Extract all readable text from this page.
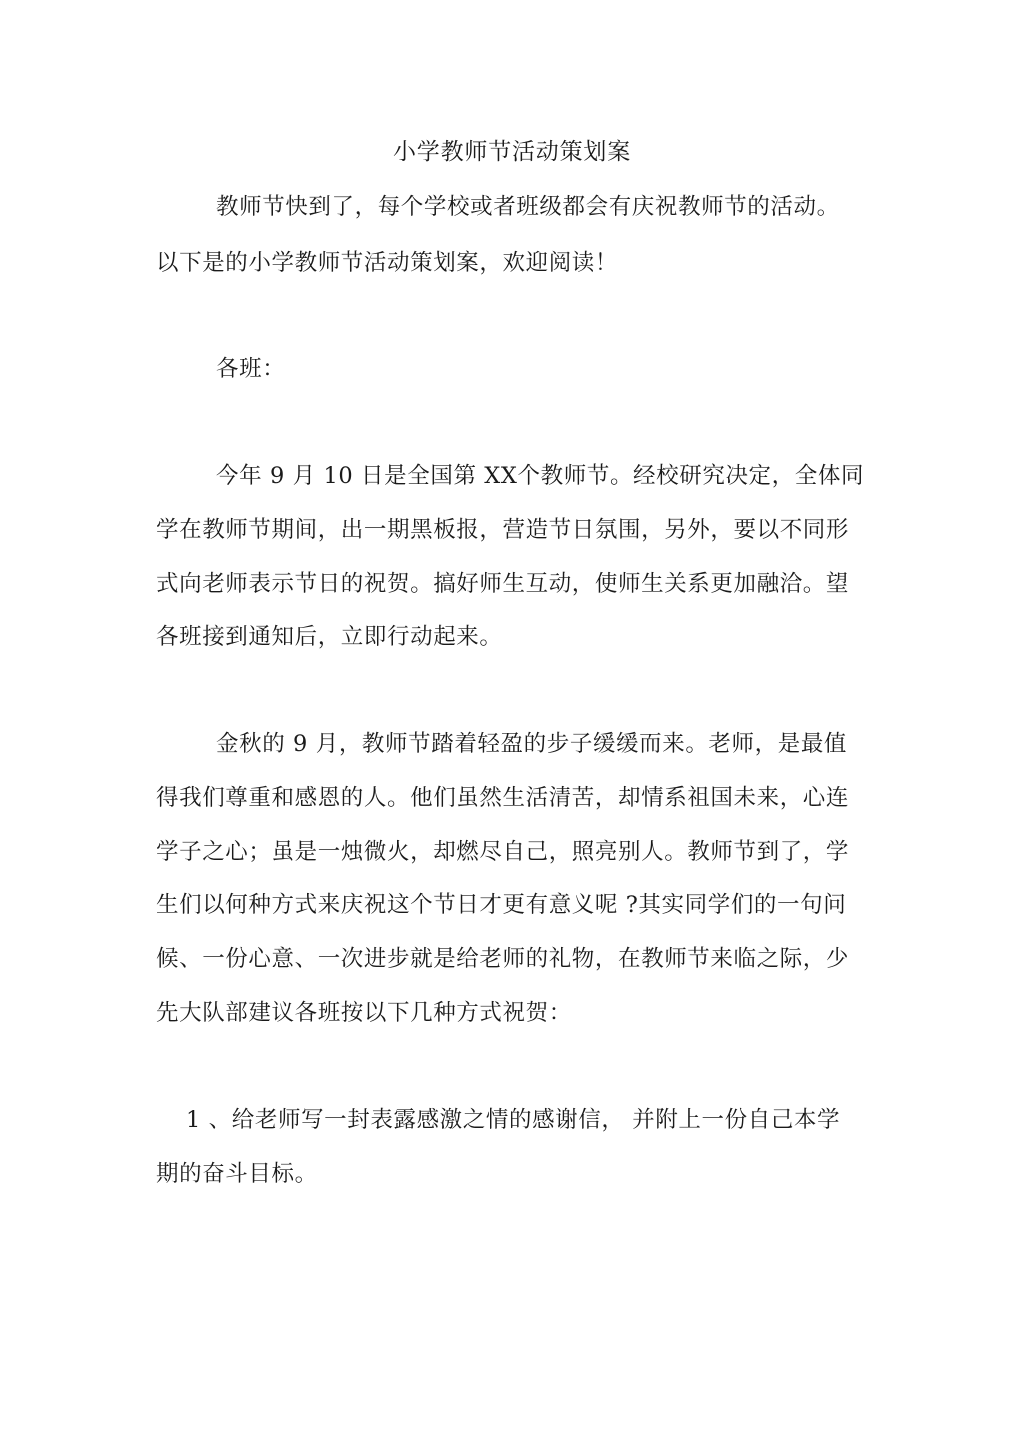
小学教师节活动策划案
教师节快到了，每个学校或者班级都会有庆祝教师节的活动。
以下是的小学教师节活动策划案，欢迎阅读！
各班：
今年 9 月 10 日是全国第 XX个教师节。经校研究决定，全体同
学在教师节期间，出一期黑板报，营造节日氛围，另外，要以不同形
式向老师表示节日的祝贺。搞好师生互动，使师生关系更加融洽。望
各班接到通知后，立即行动起来。
金秋的 9 月，教师节踏着轻盈的步子缓缓而来。老师，是最值
得我们尊重和感恩的人。他们虽然生活清苦，却情系祖国未来，心连
学子之心；虽是一烛微火，却燃尽自己，照亮别人。教师节到了，学
生们以何种方式来庆祝这个节日才更有意义呢 ?其实同学们的一句问
候、一份心意、一次进步就是给老师的礼物，在教师节来临之际，少
先大队部建议各班按以下几种方式祝贺：
1 、给老师写一封表露感激之情的感谢信， 并附上一份自己本学
期的奋斗目标。
